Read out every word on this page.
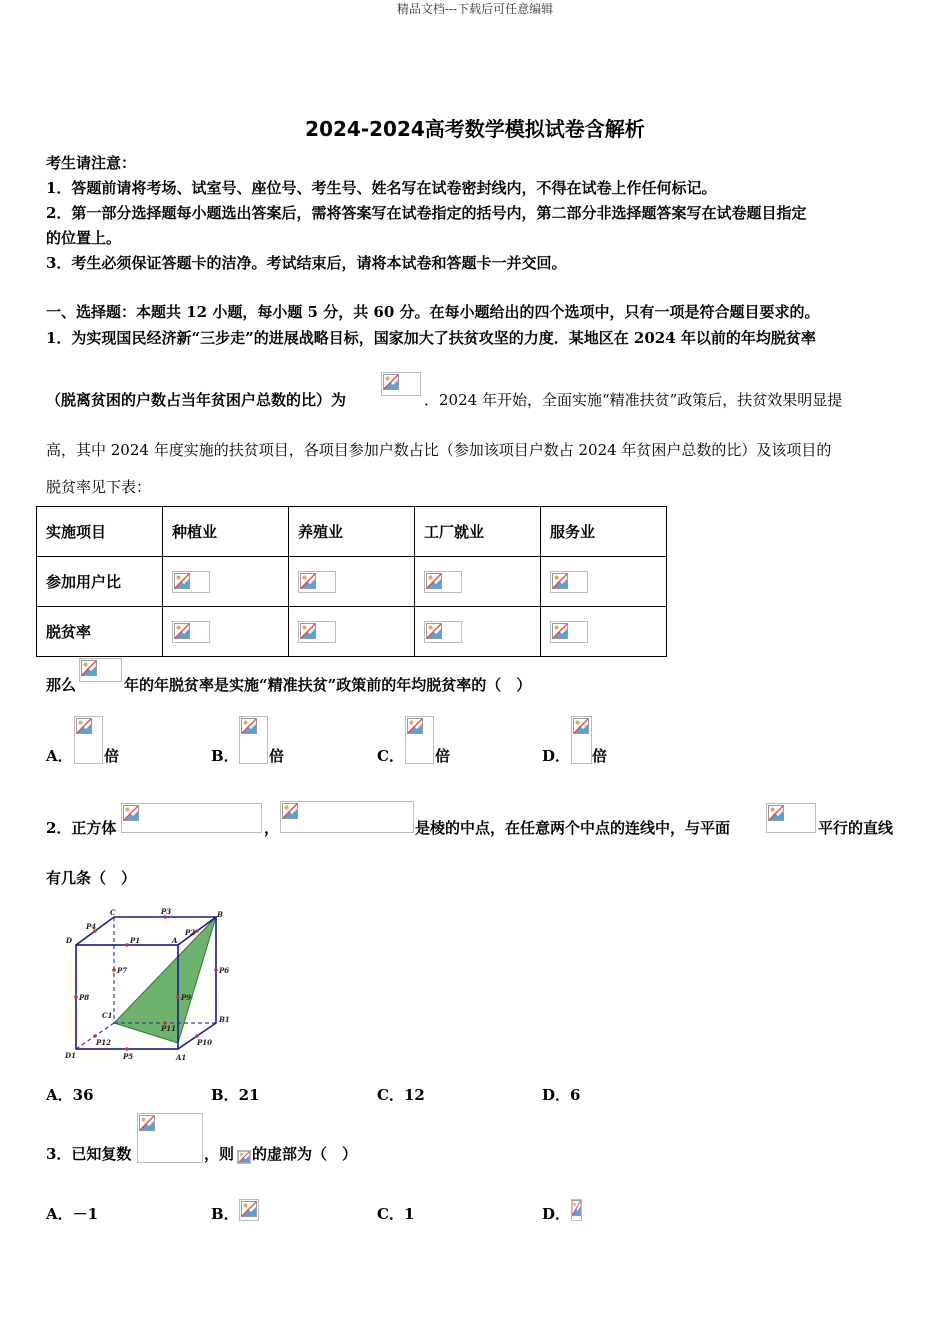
精品文档---下载后可任意编辑
2024-2024高考数学模拟试卷含解析
考生请注意：
1．答题前请将考场、试室号、座位号、考生号、姓名写在试卷密封线内，不得在试卷上作任何标记。
2．第一部分选择题每小题选出答案后，需将答案写在试卷指定的括号内，第二部分非选择题答案写在试卷题目指定
的位置上。
3．考生必须保证答题卡的洁净。考试结束后，请将本试卷和答题卡一并交回。
一、选择题：本题共 12 小题，每小题 5 分，共 60 分。在每小题给出的四个选项中，只有一项是符合题目要求的。
1．为实现国民经济新“三步走”的进展战略目标，国家加大了扶贫攻坚的力度．某地区在 2024 年以前的年均脱贫率
（脱离贫困的户数占当年贫困户总数的比）为	．2024 年开始，全面实施“精准扶贫”政策后，扶贫效果明显提
高，其中 2024 年度实施的扶贫项目，各项目参加户数占比（参加该项目户数占 2024 年贫困户总数的比）及该项目的
脱贫率见下表：
实施项目	种植业	养殖业	工厂就业	服务业
参加用户比	

脱贫率	

那么	年的年脱贫率是实施“精准扶贫”政策前的年均脱贫率的（　）
A． 倍	B． 倍	C． 倍	D． 倍
2．正方体	，	是棱的中点，在任意两个中点的连线中，与平面	平行的直线
有几条（　）
C	P3	B
D
P4
P1	A
P2
P7	P6
P8	P9
C1	B1
P11
P12	P10
D1	P5	A1
A．36	B．21	C．12	D．6
3．已知复数	，则 的虚部为（　）
A．－1	B．	C．1	D．
